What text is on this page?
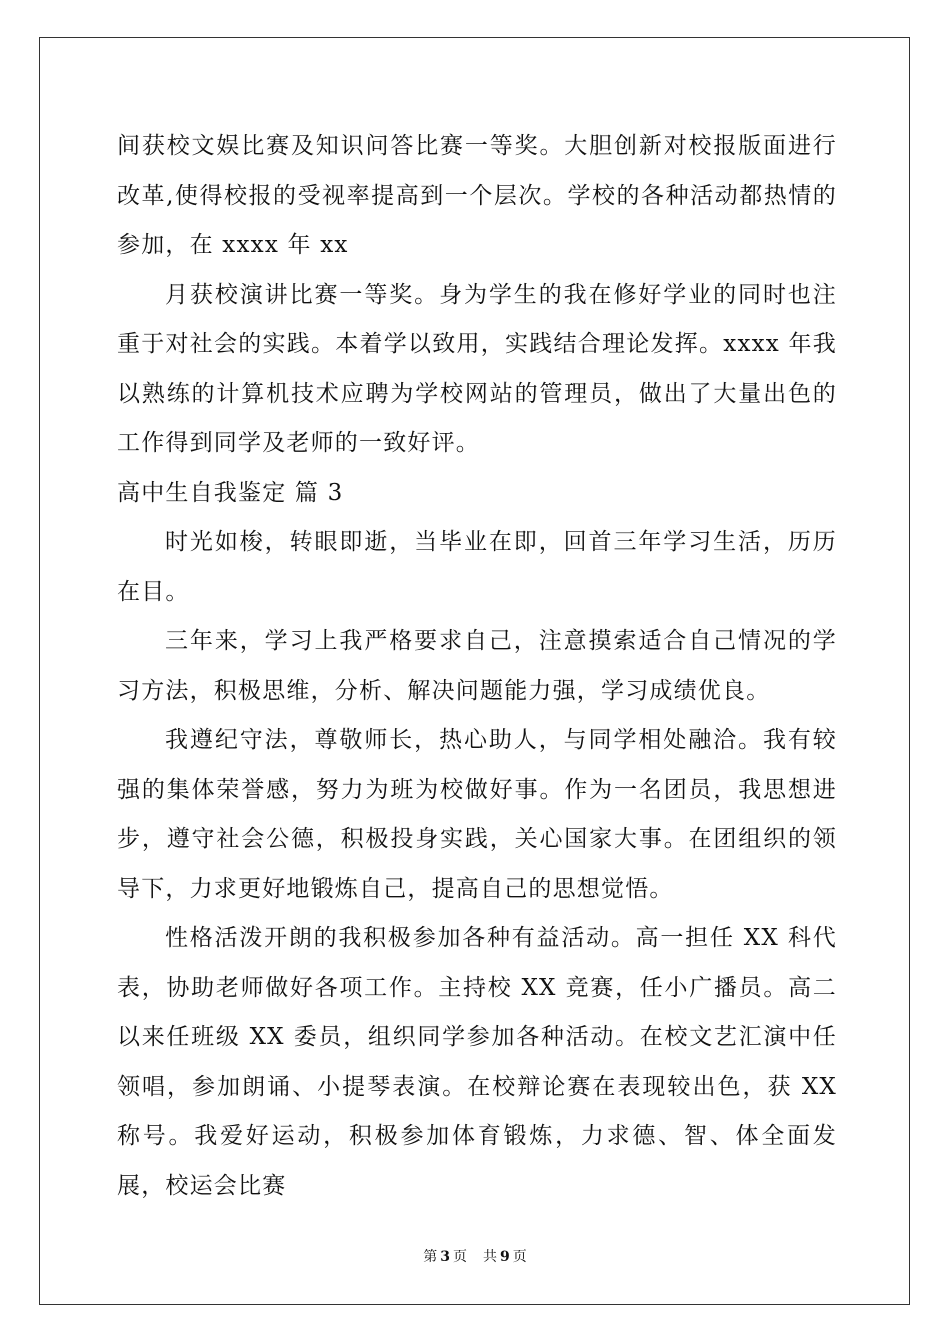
间获校文娱比赛及知识问答比赛一等奖。大胆创新对校报版面进行改革,使得校报的受视率提高到一个层次。学校的各种活动都热情的参加，在 xxxx 年 xx

月获校演讲比赛一等奖。身为学生的我在修好学业的同时也注重于对社会的实践。本着学以致用，实践结合理论发挥。xxxx 年我以熟练的计算机技术应聘为学校网站的管理员，做出了大量出色的工作得到同学及老师的一致好评。

高中生自我鉴定 篇 3

时光如梭，转眼即逝，当毕业在即，回首三年学习生活，历历在目。

三年来，学习上我严格要求自己，注意摸索适合自己情况的学习方法，积极思维，分析、解决问题能力强，学习成绩优良。

我遵纪守法，尊敬师长，热心助人，与同学相处融洽。我有较强的集体荣誉感，努力为班为校做好事。作为一名团员，我思想进步，遵守社会公德，积极投身实践，关心国家大事。在团组织的领导下，力求更好地锻炼自己，提高自己的思想觉悟。

性格活泼开朗的我积极参加各种有益活动。高一担任 XX 科代表，协助老师做好各项工作。主持校 XX 竞赛，任小广播员。高二以来任班级 XX 委员，组织同学参加各种活动。在校文艺汇演中任领唱，参加朗诵、小提琴表演。在校辩论赛在表现较出色，获 XX 称号。我爱好运动，积极参加体育锻炼，力求德、智、体全面发展，校运会比赛

第 3 页 共 9 页
